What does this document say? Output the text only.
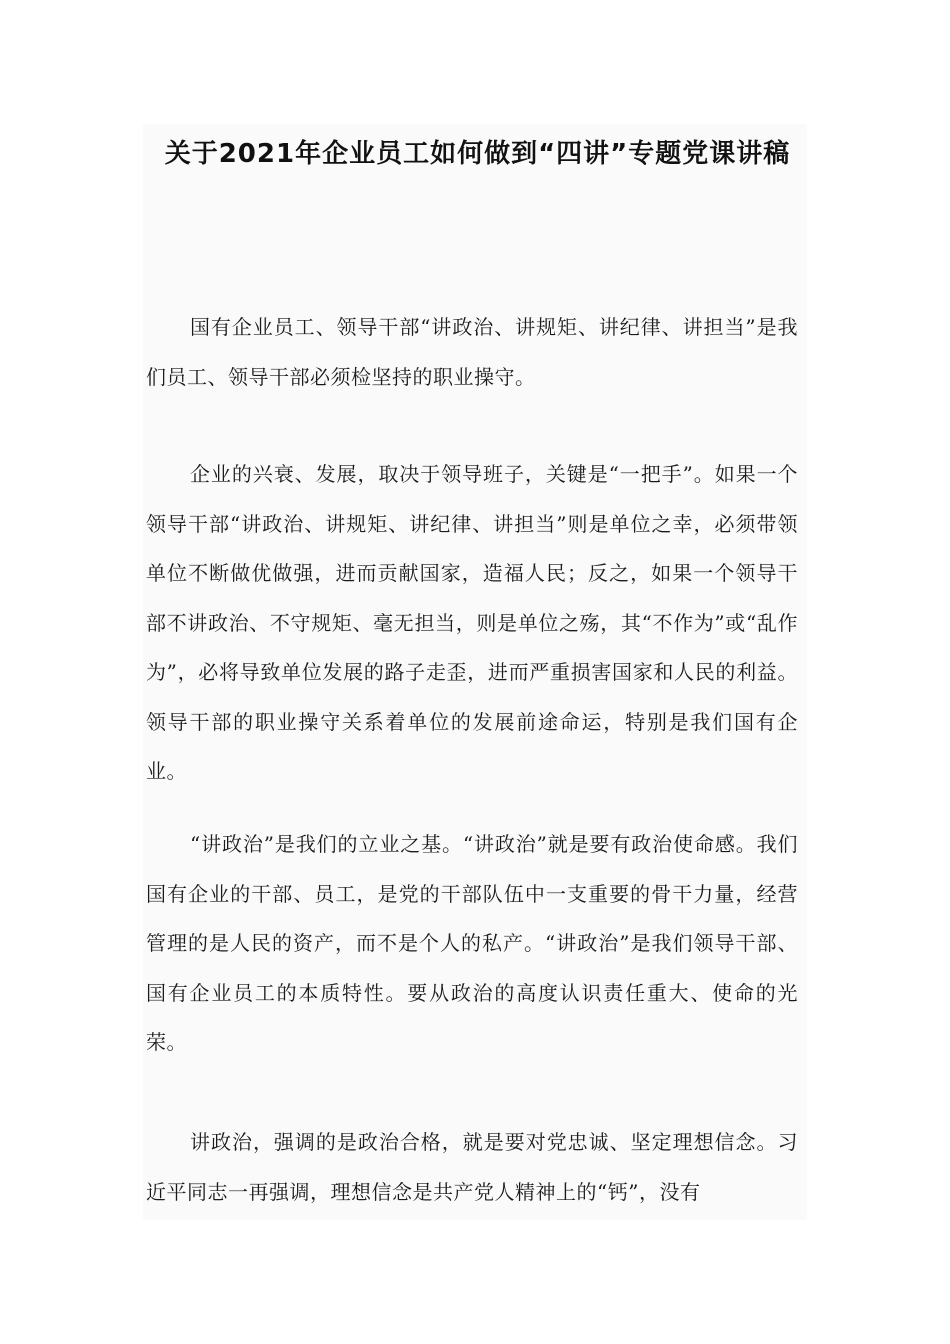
关于2021年企业员工如何做到“四讲”专题党课讲稿

国有企业员工、领导干部“讲政治、讲规矩、讲纪律、讲担当”是我们员工、领导干部必须检坚持的职业操守。

企业的兴衰、发展，取决于领导班子，关键是“一把手”。如果一个领导干部“讲政治、讲规矩、讲纪律、讲担当”则是单位之幸，必须带领单位不断做优做强，进而贡献国家，造福人民；反之，如果一个领导干部不讲政治、不守规矩、毫无担当，则是单位之殇，其“不作为”或“乱作为”，必将导致单位发展的路子走歪，进而严重损害国家和人民的利益。领导干部的职业操守关系着单位的发展前途命运，特别是我们国有企业。

“讲政治”是我们的立业之基。“讲政治”就是要有政治使命感。我们国有企业的干部、员工，是党的干部队伍中一支重要的骨干力量，经营管理的是人民的资产，而不是个人的私产。“讲政治”是我们领导干部、国有企业员工的本质特性。要从政治的高度认识责任重大、使命的光荣。

讲政治，强调的是政治合格，就是要对党忠诚、坚定理想信念。习近平同志一再强调，理想信念是共产党人精神上的“钙”，没有
